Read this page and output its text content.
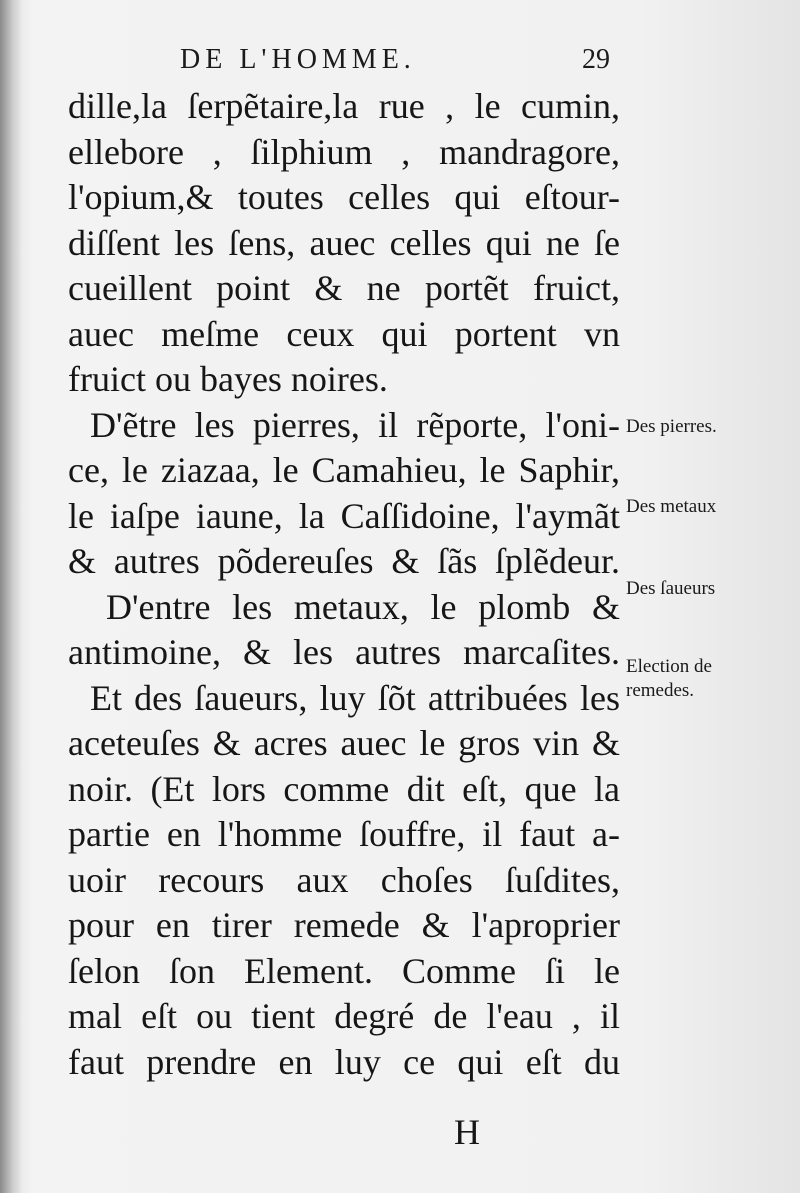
DE L'HOMME.	29
dille,la ſerpẽtaire,la rue , le cumin,
ellebore , ſilphium , mandragore,
l'opium,& toutes celles qui eſtour-
diſſent les ſens, auec celles qui ne ſe
cueillent point & ne portẽt fruict,
auec meſme ceux qui portent vn
fruict ou bayes noires.
D'ẽtre les pierres, il rẽporte, l'oni-
ce, le ziazaa, le Camahieu, le Saphir,
le iaſpe iaune, la Caſſidoine, l'aymãt
& autres põdereuſes & ſãs ſplẽdeur.
D'entre les metaux, le plomb &
antimoine, & les autres marcaſites.
Et des ſaueurs, luy ſõt attribuées les
aceteuſes & acres auec le gros vin &
noir. (Et lors comme dit eſt, que la
partie en l'homme ſouffre, il faut a-
uoir recours aux choſes ſuſdites,
pour en tirer remede & l'aproprier
ſelon ſon Element. Comme ſi le
mal eſt ou tient degré de l'eau , il
faut prendre en luy ce qui eſt du
Des pierres.
Des metaux
Des ſaueurs
Election de
remedes.
H
